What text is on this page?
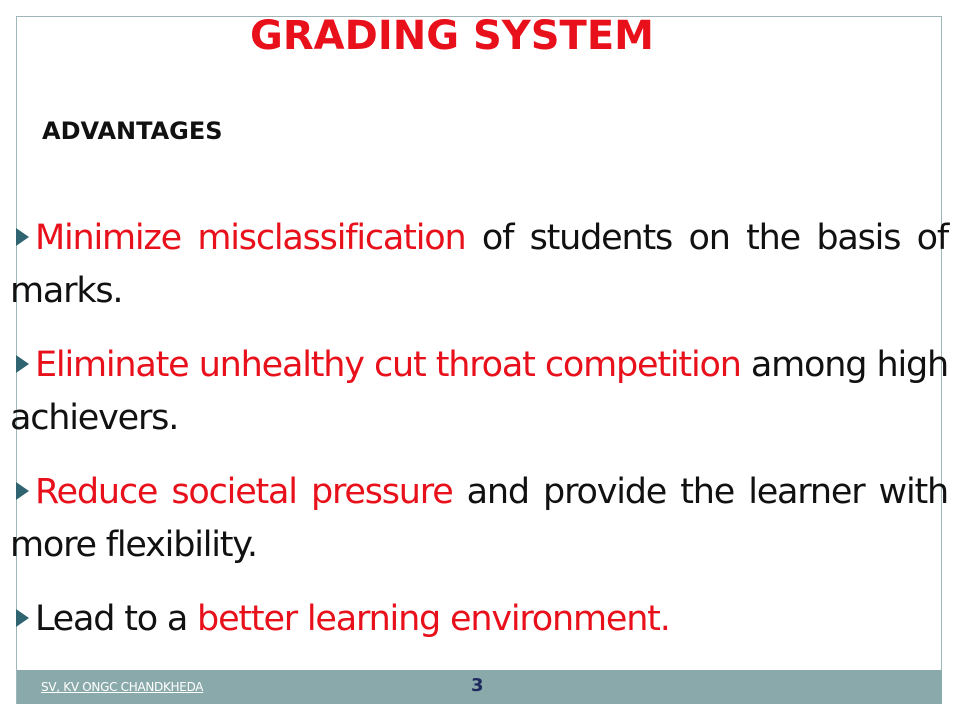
GRADING SYSTEM
ADVANTAGES
Minimize misclassification of students on the basis of marks.
Eliminate unhealthy cut throat competition among high achievers.
Reduce societal pressure and provide the learner with more flexibility.
Lead to a better learning environment.
SV, KV ONGC CHANDKHEDA	3
